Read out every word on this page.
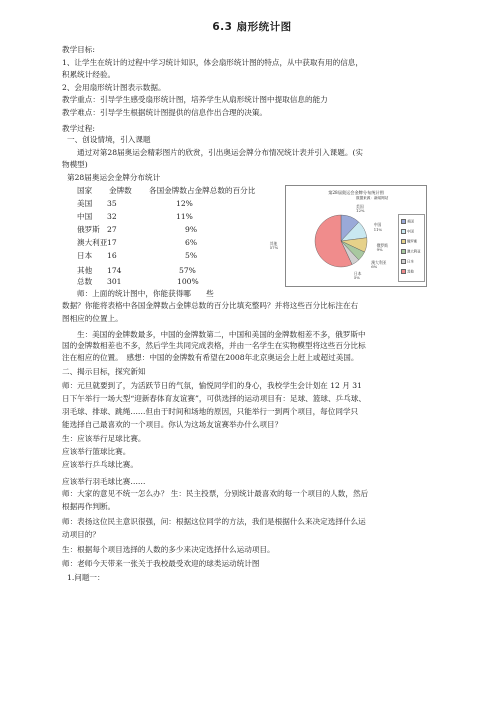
6.3 扇形统计图
教学目标:
1、让学生在统计的过程中学习统计知识，体会扇形统计图的特点，从中获取有用的信息，
积累统计经验。
2、会用扇形统计图表示数据。
教学重点：引导学生感受扇形统计图，培养学生从扇形统计图中提取信息的能力
教学难点：引导学生根据统计图提供的信息作出合理的决策。
教学过程:
一、创设情境，引入课题
通过对第28届奥运会精彩图片的欣赏，引出奥运会牌分布情况统计表并引入课题。(实
物模型)
第28届奥运会金牌分布统计
国家 金牌数 各国金牌数占金牌总数的百分比
美国 35	12%
中国 32	11%
俄罗斯 27	9%
澳大利亚 17	6%
日本 16	5%
其他 174	57%
总数 301	100%
第28届奥运会金牌分布统计图
数据来源：新闻网站
美国
12%
中国
11%
俄罗斯
9%
澳大利亚
6%
日本
5%
其他
57%
美国
中国
俄罗斯
澳大利亚
日本
其他
师：上面的统计图中，你能获得哪　　些
数据？你能将表格中各国金牌数占金牌总数的百分比填充整吗？并将这些百分比标注在右
图相应的位置上。
生：美国的金牌数最多，中国的金牌数第二，中国和美国的金牌数相差不多，俄罗斯中
国的金牌数相差也不多，然后学生共同完成表格，并由一名学生在实物模型将这些百分比标
注在相应的位置。　感想：中国的金牌数有希望在2008年北京奥运会上赶上或超过美国。
二、揭示目标，探究新知
师：元旦就要到了，为活跃节日的气氛，愉悦同学们的身心，我校学生会计划在 12 月 31
日下午举行一场大型“迎新春体育友谊赛”，可供选择的运动项目有：足球、篮球、乒乓球、
羽毛球、排球、跳绳……但由于时间和场地的原因，只能举行一到两个项目，每位同学只
能选择自己最喜欢的一个项目。你认为这场友谊赛举办什么项目？
生：应该举行足球比赛。
应该举行篮球比赛。
应该举行乒乓球比赛。
应该举行羽毛球比赛……
师：大家的意见不统一怎么办？ 生：民主投票，分别统计最喜欢的每一个项目的人数，然后
根据再作判断。
师：表扬这位民主意识很强，问：根据这位同学的方法，我们是根据什么来决定选择什么运
动项目的？
生：根据每个项目选择的人数的多少来决定选择什么运动项目。
师：老师今天带来一张关于我校最受欢迎的球类运动统计图
1.问题一：
